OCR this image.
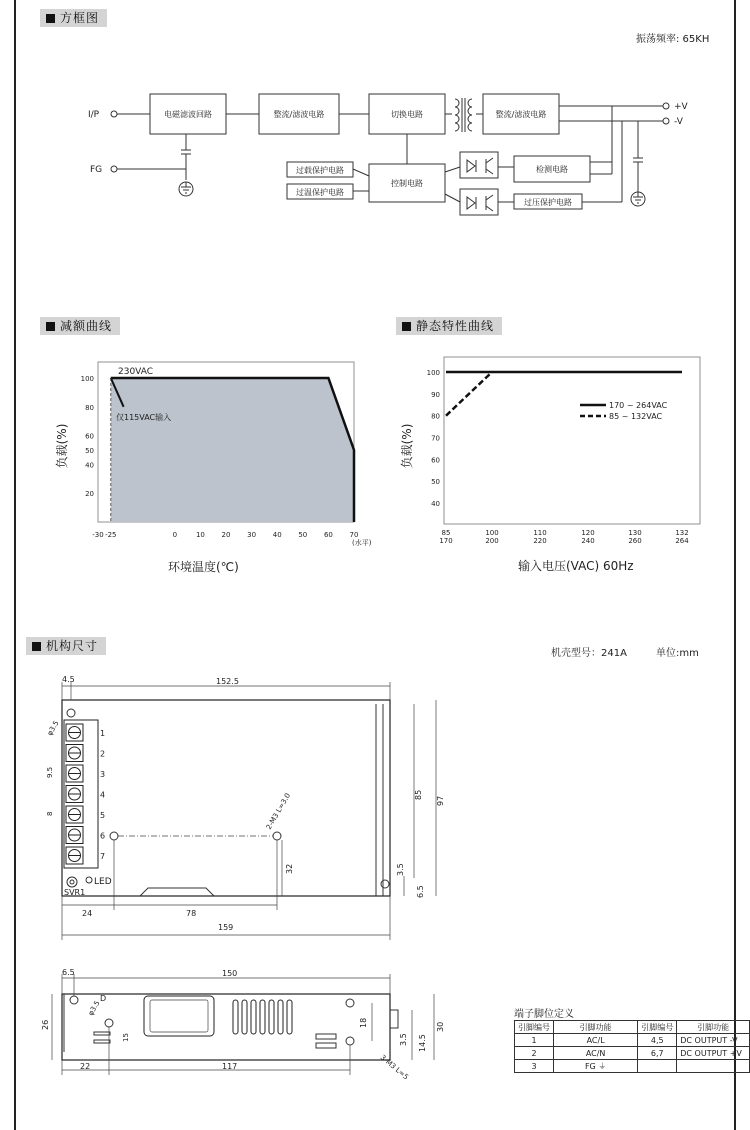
方框图
减额曲线	静态特性曲线
机构尺寸
振荡频率: 65KH
I/P
FG
电磁滤波回路	整流/滤波电路	切换电路	整流/滤波电路
+V
-V
控制电路
过载保护电路
过温保护电路
检测电路
过压保护电路
-30 -25	0	10 20 30 40 50 60 70
100
80
60
50
40
20
230VAC
仅115VAC输入
(水平)
环境温度(℃)
负载(%)
85
170
100
200
110
220
120
240
130
260
132
264
100
90
80
70
60
50
40
170 ~ 264VAC
85 ~ 132VAC
输入电压(VAC) 60Hz
负载(%)
机壳型号：241A	单位:mm
1
2
3
4
5
6
7
LED
SVR1
4.5	152.5
85
97
3.5
6.5
24	78
159
32
2-M3 L=3.0
9.5
8
φ3.5
D
6.5	150
26
15
φ3.5
22	117
18
3.5 14.5
30
3-M3 L=5
端子脚位定义
引脚编号	引脚功能	引脚编号	引脚功能
1	AC/L	4,5	DC OUTPUT -V
2	AC/N	6,7	DC OUTPUT +V
3	FG ⏚		
